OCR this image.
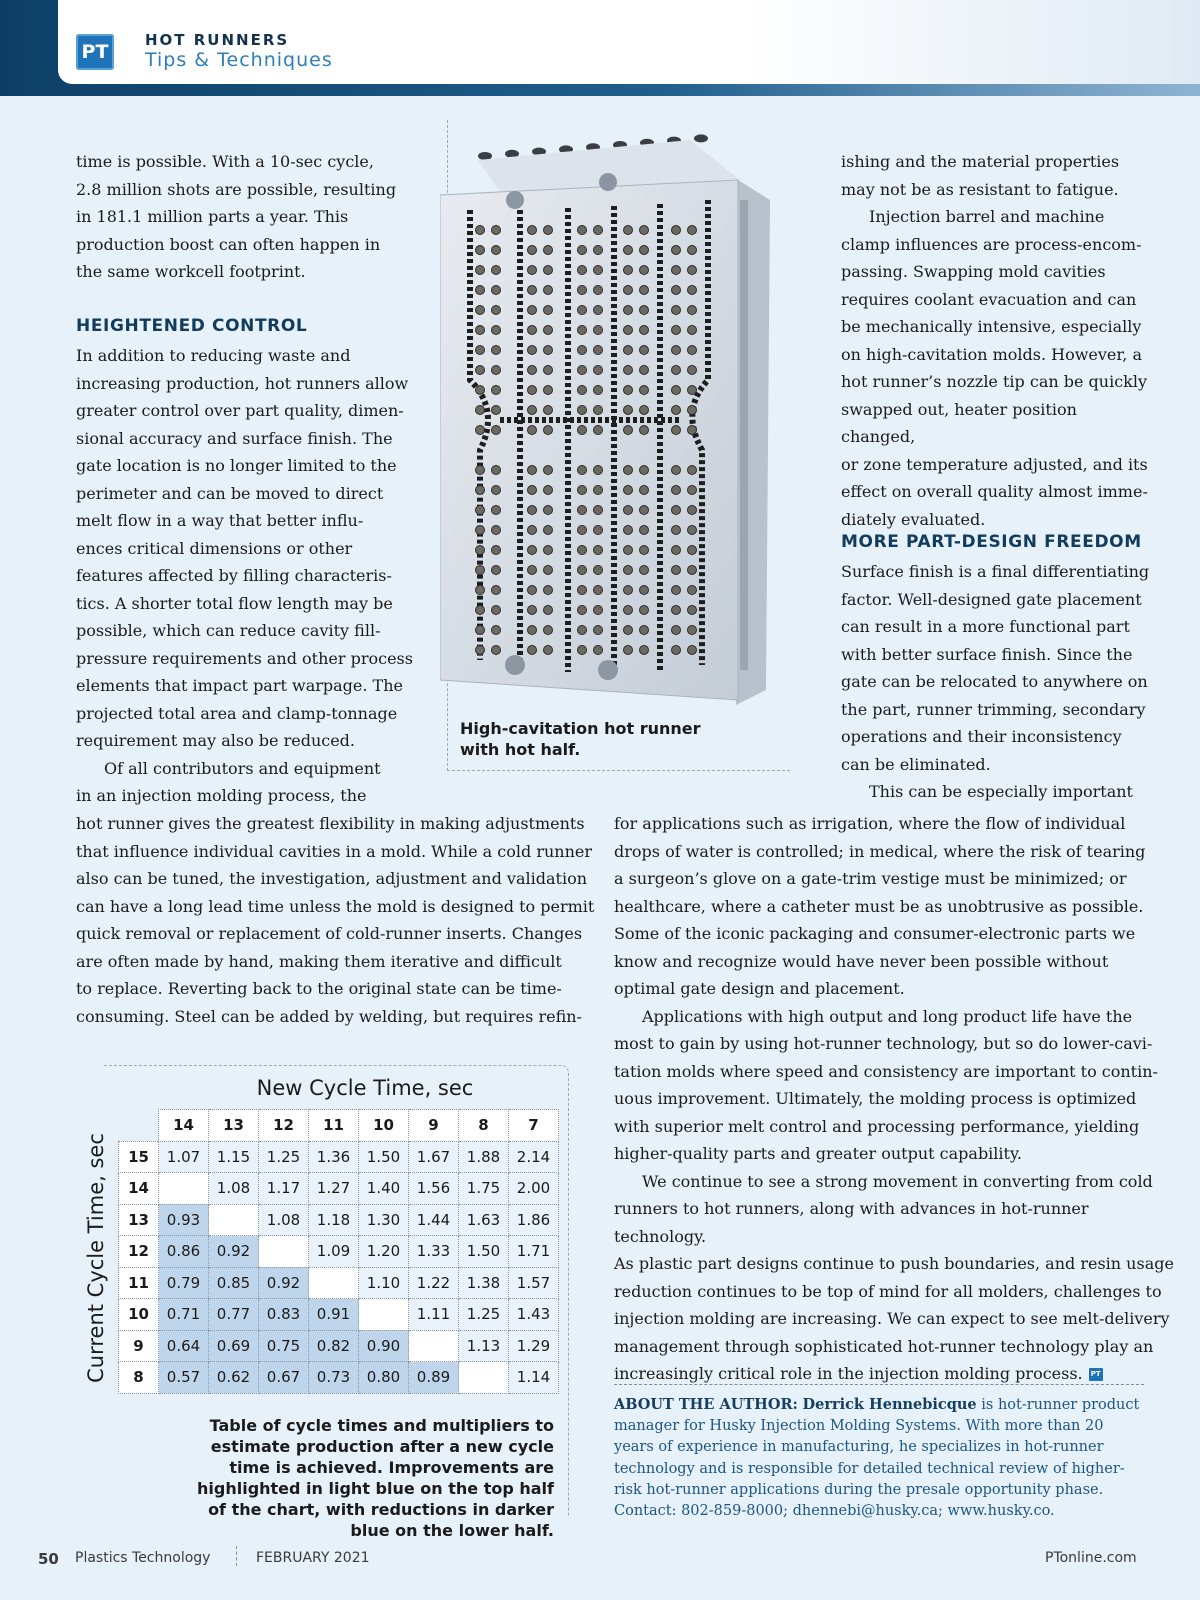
PT
HOT RUNNERS
Tips & Techniques

time is possible. With a 10-sec cycle,

2.8 million shots are possible, resulting

in 181.1 million parts a year. This

production boost can often happen in

the same workcell footprint.

HEIGHTENED CONTROL

In addition to reducing waste and

increasing production, hot runners allow

greater control over part quality, dimen-

sional accuracy and surface finish. The

gate location is no longer limited to the

perimeter and can be moved to direct

melt flow in a way that better influ-

ences critical dimensions or other

features affected by filling characteris-

tics. A shorter total flow length may be

possible, which can reduce cavity fill-

pressure requirements and other process

elements that impact part warpage. The

projected total area and clamp-tonnage

requirement may also be reduced.

Of all contributors and equipment

in an injection molding process, the

hot runner gives the greatest flexibility in making adjustments

that influence individual cavities in a mold. While a cold runner

also can be tuned, the investigation, adjustment and validation

can have a long lead time unless the mold is designed to permit

quick removal or replacement of cold-runner inserts. Changes

are often made by hand, making them iterative and difficult

to replace. Reverting back to the original state can be time-

consuming. Steel can be added by welding, but requires refin-

High-cavitation hot runner with hot half.

ishing and the material properties

may not be as resistant to fatigue.

Injection barrel and machine

clamp influences are process-encom-

passing. Swapping mold cavities

requires coolant evacuation and can

be mechanically intensive, especially

on high-cavitation molds. However, a

hot runner’s nozzle tip can be quickly

swapped out, heater position changed,

or zone temperature adjusted, and its

effect on overall quality almost imme-

diately evaluated.

MORE PART-DESIGN FREEDOM

Surface finish is a final differentiating

factor. Well-designed gate placement

can result in a more functional part

with better surface finish. Since the

gate can be relocated to anywhere on

the part, runner trimming, secondary

operations and their inconsistency

can be eliminated.

This can be especially important

for applications such as irrigation, where the flow of individual

drops of water is controlled; in medical, where the risk of tearing

a surgeon’s glove on a gate-trim vestige must be minimized; or

healthcare, where a catheter must be as unobtrusive as possible.

Some of the iconic packaging and consumer-electronic parts we

know and recognize would have never been possible without

optimal gate design and placement.

Applications with high output and long product life have the

most to gain by using hot-runner technology, but so do lower-cavi-

tation molds where speed and consistency are important to contin-

uous improvement. Ultimately, the molding process is optimized

with superior melt control and processing performance, yielding

higher-quality parts and greater output capability.

We continue to see a strong movement in converting from cold

runners to hot runners, along with advances in hot-runner technology.

As plastic part designs continue to push boundaries, and resin usage

reduction continues to be top of mind for all molders, challenges to

injection molding are increasing. We can expect to see melt-delivery

management through sophisticated hot-runner technology play an

increasingly critical role in the injection molding process. PT

New Cycle Time, sec
Current Cycle Time, sec
	14	13	12	11	10	9	8	7
15	1.07	1.15	1.25	1.36	1.50	1.67	1.88	2.14
14		1.08	1.17	1.27	1.40	1.56	1.75	2.00
13	0.93		1.08	1.18	1.30	1.44	1.63	1.86
12	0.86	0.92		1.09	1.20	1.33	1.50	1.71
11	0.79	0.85	0.92		1.10	1.22	1.38	1.57
10	0.71	0.77	0.83	0.91		1.11	1.25	1.43
9	0.64	0.69	0.75	0.82	0.90		1.13	1.29
8	0.57	0.62	0.67	0.73	0.80	0.89		1.14
Table of cycle times and multipliers to estimate production after a new cycle time is achieved. Improvements are highlighted in light blue on the top half of the chart, with reductions in darker blue on the lower half.

ABOUT THE AUTHOR: Derrick Hennebicque is hot-runner product manager for Husky Injection Molding Systems. With more than 20 years of experience in manufacturing, he specializes in hot-runner technology and is responsible for detailed technical review of higher-risk hot-runner applications during the presale opportunity phase. Contact: 802-859-8000; dhennebi@husky.ca; www.husky.co.

50 Plastics Technology	FEBRUARY 2021	PTonline.com
